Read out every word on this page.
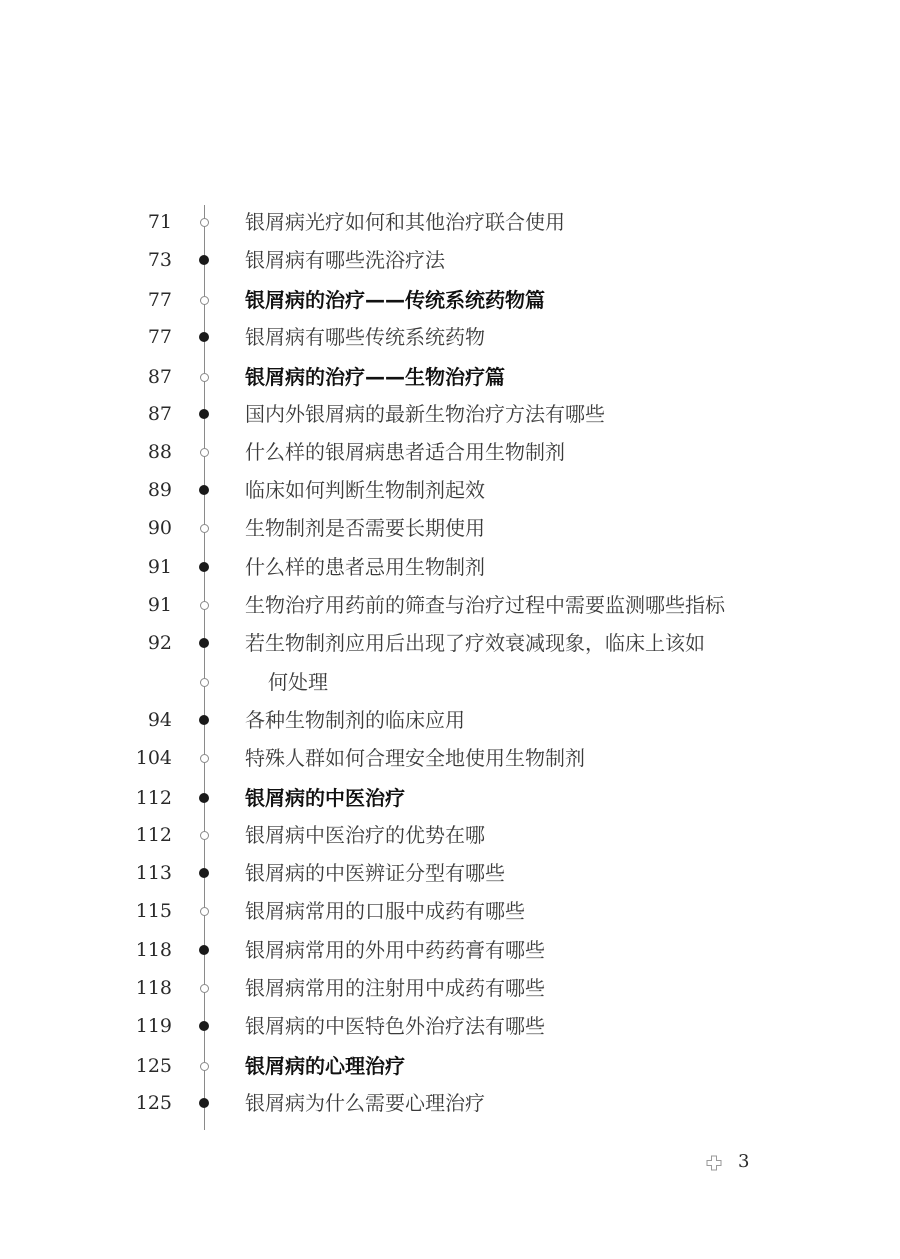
71	银屑病光疗如何和其他治疗联合使用
73	银屑病有哪些洗浴疗法
77	银屑病的治疗——传统系统药物篇
77	银屑病有哪些传统系统药物
87	银屑病的治疗——生物治疗篇
87	国内外银屑病的最新生物治疗方法有哪些
88	什么样的银屑病患者适合用生物制剂
89	临床如何判断生物制剂起效
90	生物制剂是否需要长期使用
91	什么样的患者忌用生物制剂
91	生物治疗用药前的筛查与治疗过程中需要监测哪些指标
92	若生物制剂应用后出现了疗效衰减现象，临床上该如
何处理
94	各种生物制剂的临床应用
104	特殊人群如何合理安全地使用生物制剂
112	银屑病的中医治疗
112	银屑病中医治疗的优势在哪
113	银屑病的中医辨证分型有哪些
115	银屑病常用的口服中成药有哪些
118	银屑病常用的外用中药药膏有哪些
118	银屑病常用的注射用中成药有哪些
119	银屑病的中医特色外治疗法有哪些
125	银屑病的心理治疗
125	银屑病为什么需要心理治疗
3
